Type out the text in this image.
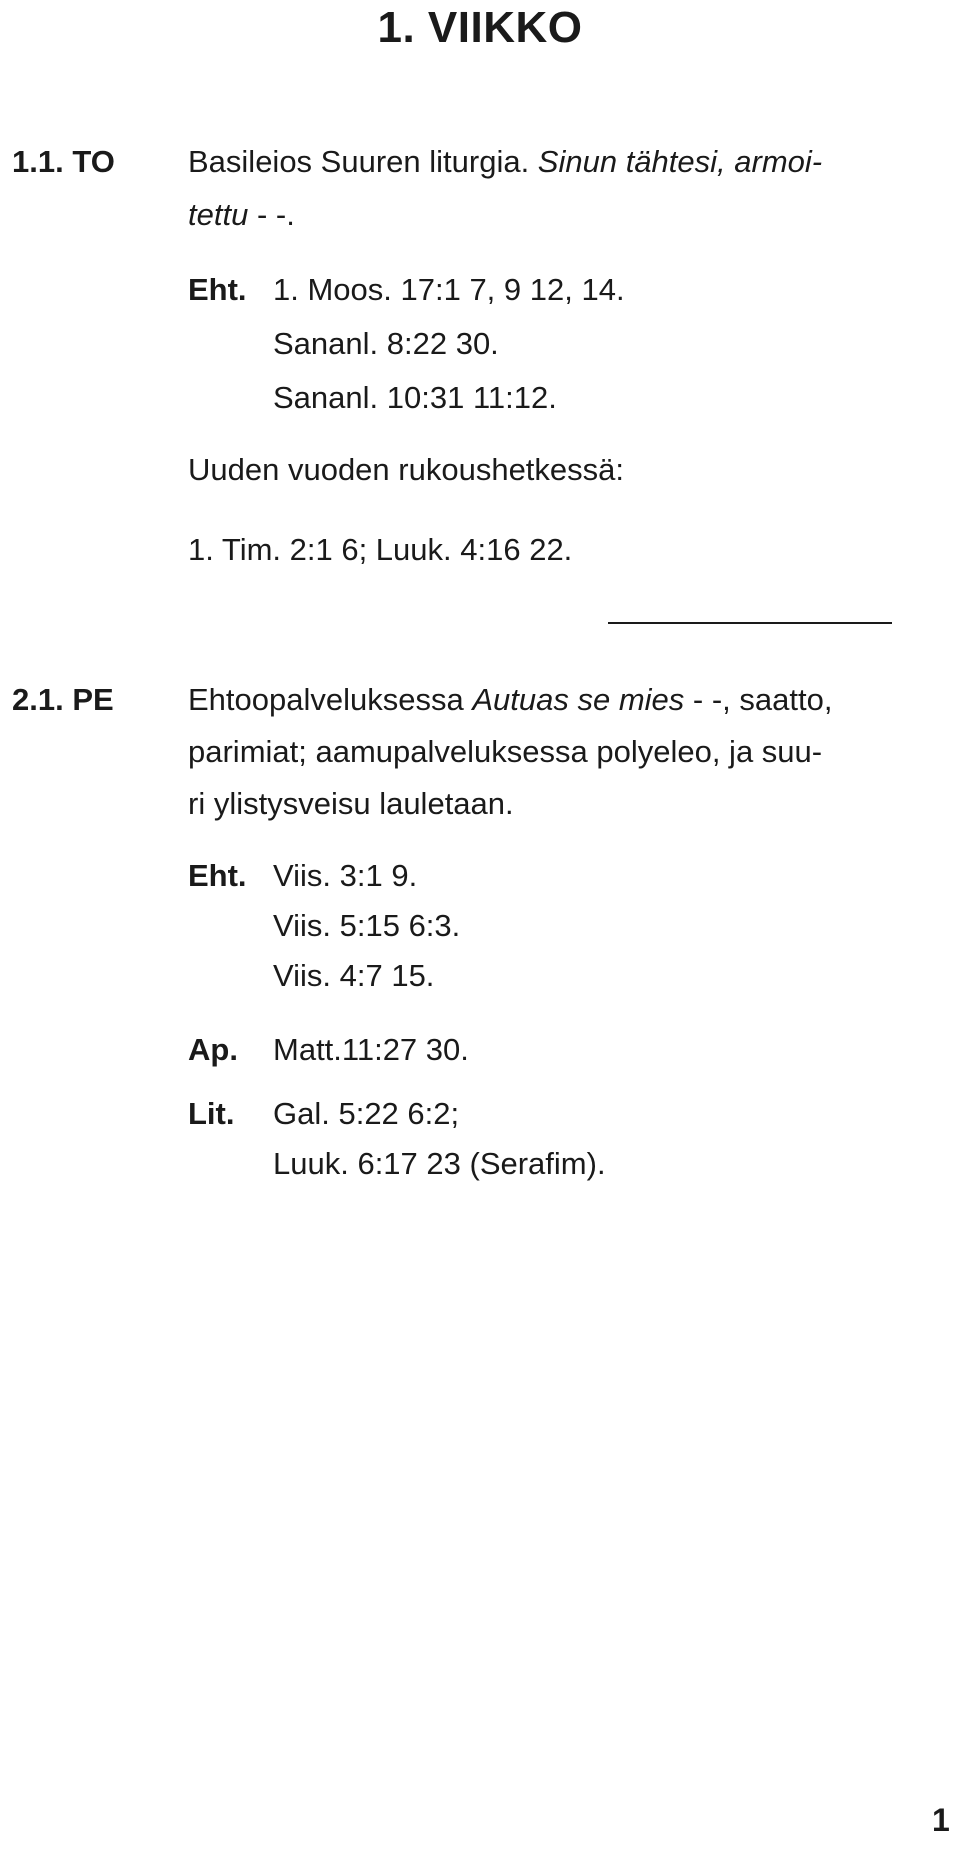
1. VIIKKO
1.1. TO Basileios Suuren liturgia. Sinun tähtesi, armoi-
tettu - -.
Eht. 1. Moos. 17:1 7, 9 12, 14.
Sananl. 8:22 30.
Sananl. 10:31 11:12.
Uuden vuoden rukoushetkessä:
1. Tim. 2:1 6; Luuk. 4:16 22.
2.1. PE Ehtoopalveluksessa Autuas se mies - -, saatto,
parimiat; aamupalveluksessa polyeleo, ja suu-
ri ylistysveisu lauletaan.
Eht. Viis. 3:1 9.
Viis. 5:15 6:3.
Viis. 4:7 15.
Ap. Matt.11:27 30.
Lit. Gal. 5:22 6:2;
Luuk. 6:17 23 (Serafim).
1
